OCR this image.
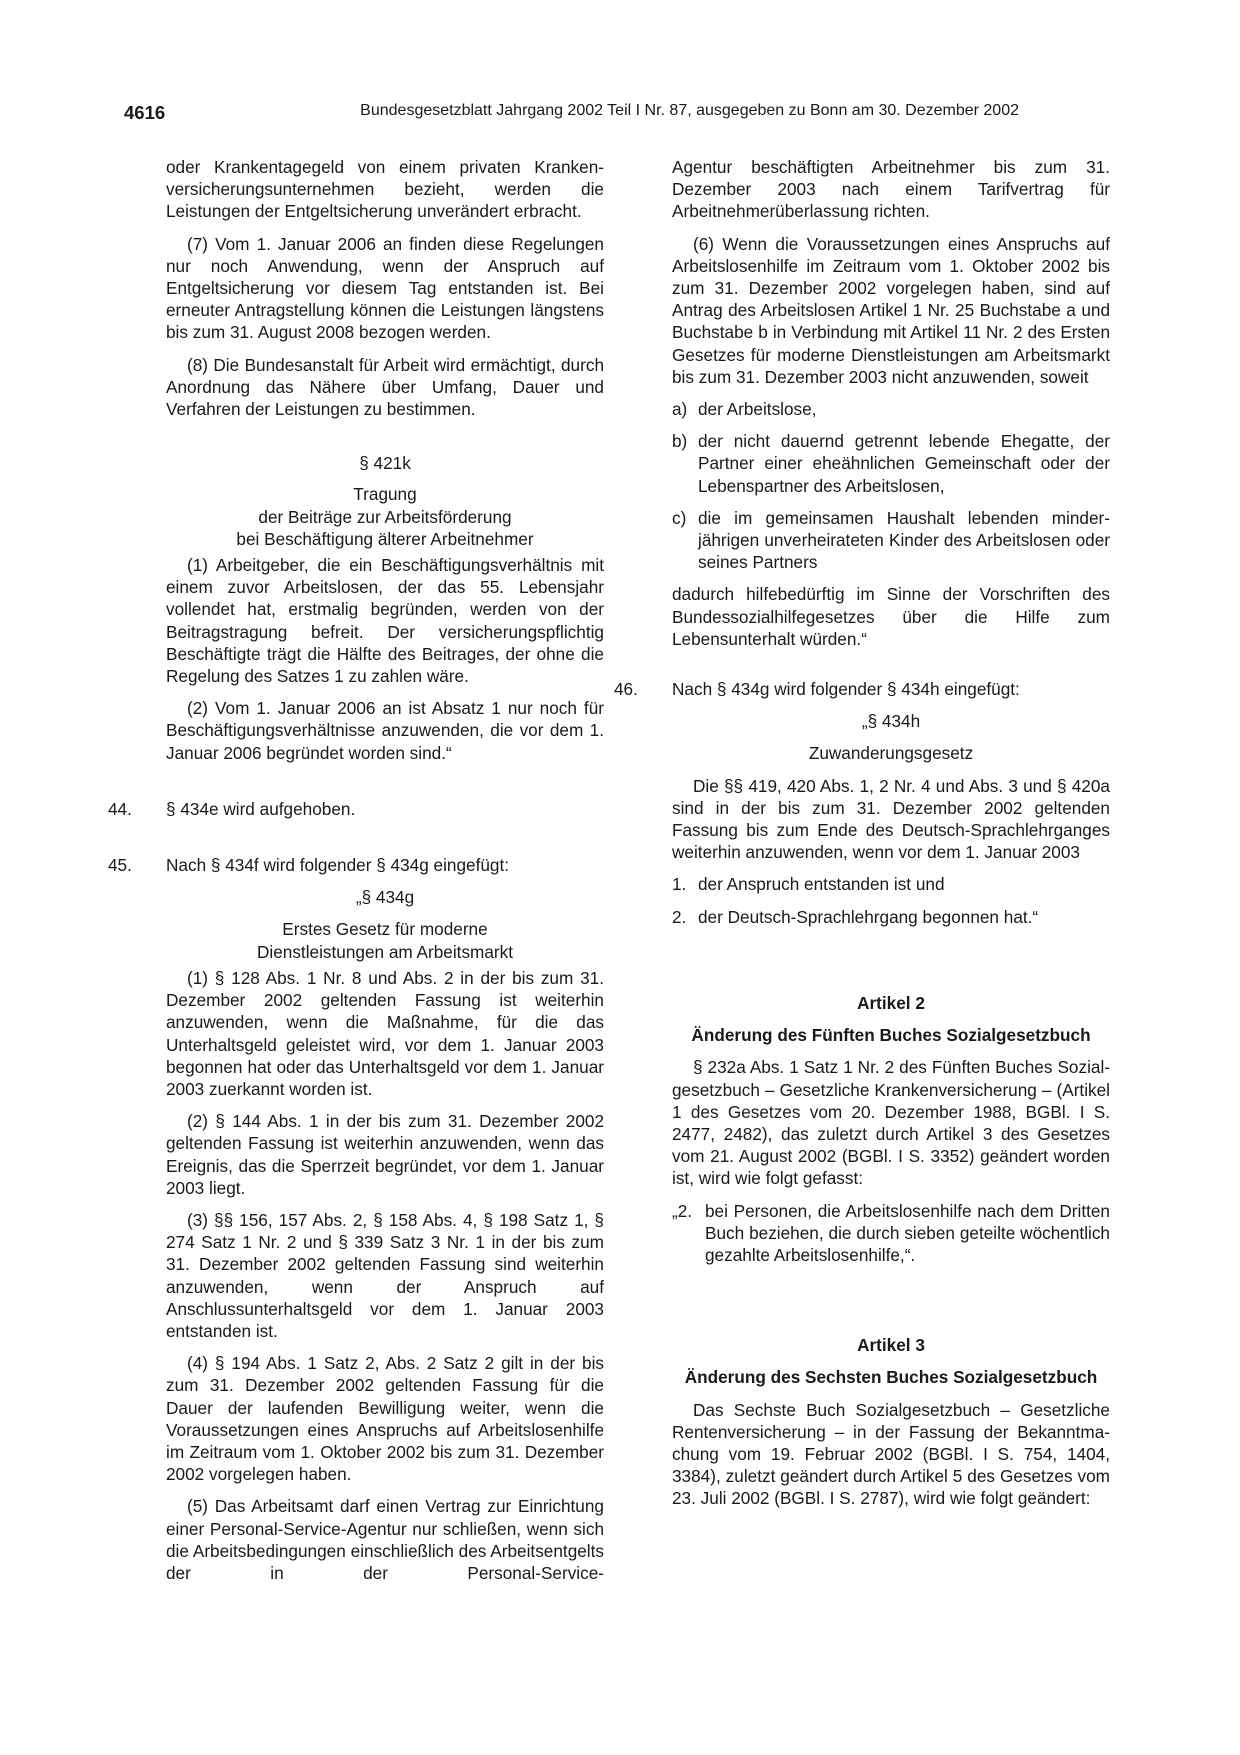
4616	Bundesgesetzblatt Jahrgang 2002 Teil I Nr. 87, ausgegeben zu Bonn am 30. Dezember 2002

oder Krankentagegeld von einem privaten Krankenversicherungsunternehmen bezieht, werden die Leistungen der Entgeltsicherung unverändert erbracht.

(7) Vom 1. Januar 2006 an finden diese Regelungen nur noch Anwendung, wenn der Anspruch auf Entgeltsicherung vor diesem Tag entstanden ist. Bei erneuter Antragstellung können die Leistungen längstens bis zum 31. August 2008 bezogen werden.

(8) Die Bundesanstalt für Arbeit wird ermächtigt, durch Anordnung das Nähere über Umfang, Dauer und Verfahren der Leistungen zu bestimmen.

§ 421k

Tragung

der Beiträge zur Arbeitsförderung

bei Beschäftigung älterer Arbeitnehmer

(1) Arbeitgeber, die ein Beschäftigungsverhältnis mit einem zuvor Arbeitslosen, der das 55. Lebensjahr vollendet hat, erstmalig begründen, werden von der Beitragstragung befreit. Der versicherungspflichtig Beschäftigte trägt die Hälfte des Beitrages, der ohne die Regelung des Satzes 1 zu zahlen wäre.

(2) Vom 1. Januar 2006 an ist Absatz 1 nur noch für Beschäftigungsverhältnisse anzuwenden, die vor dem 1. Januar 2006 begründet worden sind.“

44. § 434e wird aufgehoben.
45. Nach § 434f wird folgender § 434g eingefügt:

„§ 434g

Erstes Gesetz für moderne

Dienstleistungen am Arbeitsmarkt

(1) § 128 Abs. 1 Nr. 8 und Abs. 2 in der bis zum 31. Dezember 2002 geltenden Fassung ist weiterhin anzuwenden, wenn die Maßnahme, für die das Unterhaltsgeld geleistet wird, vor dem 1. Januar 2003 begonnen hat oder das Unterhaltsgeld vor dem 1. Januar 2003 zuerkannt worden ist.

(2) § 144 Abs. 1 in der bis zum 31. Dezember 2002 geltenden Fassung ist weiterhin anzuwenden, wenn das Ereignis, das die Sperrzeit begründet, vor dem 1. Januar 2003 liegt.

(3) §§ 156, 157 Abs. 2, § 158 Abs. 4, § 198 Satz 1, § 274 Satz 1 Nr. 2 und § 339 Satz 3 Nr. 1 in der bis zum 31. Dezember 2002 geltenden Fassung sind weiterhin anzuwenden, wenn der Anspruch auf Anschlussunterhaltsgeld vor dem 1. Januar 2003 entstanden ist.

(4) § 194 Abs. 1 Satz 2, Abs. 2 Satz 2 gilt in der bis zum 31. Dezember 2002 geltenden Fassung für die Dauer der laufenden Bewilligung weiter, wenn die Voraussetzungen eines Anspruchs auf Arbeitslosenhilfe im Zeitraum vom 1. Oktober 2002 bis zum 31. Dezember 2002 vorgelegen haben.

(5) Das Arbeitsamt darf einen Vertrag zur Einrichtung einer Personal-Service-Agentur nur schließen, wenn sich die Arbeitsbedingungen einschließlich des Arbeitsentgelts der in der Personal-Service-

Agentur beschäftigten Arbeitnehmer bis zum 31. Dezember 2003 nach einem Tarifvertrag für Arbeitnehmerüberlassung richten.

(6) Wenn die Voraussetzungen eines Anspruchs auf Arbeitslosenhilfe im Zeitraum vom 1. Oktober 2002 bis zum 31. Dezember 2002 vorgelegen haben, sind auf Antrag des Arbeitslosen Artikel 1 Nr. 25 Buchstabe a und Buchstabe b in Verbindung mit Artikel 11 Nr. 2 des Ersten Gesetzes für moderne Dienstleistungen am Arbeitsmarkt bis zum 31. Dezember 2003 nicht anzuwenden, soweit

a) der Arbeitslose,

b) der nicht dauernd getrennt lebende Ehegatte, der Partner einer eheähnlichen Gemeinschaft oder der Lebenspartner des Arbeitslosen,

c) die im gemeinsamen Haushalt lebenden minderjährigen unverheirateten Kinder des Arbeitslosen oder seines Partners

dadurch hilfebedürftig im Sinne der Vorschriften des Bundessozialhilfegesetzes über die Hilfe zum Lebensunterhalt würden.“

46. Nach § 434g wird folgender § 434h eingefügt:

„§ 434h

Zuwanderungsgesetz

Die §§ 419, 420 Abs. 1, 2 Nr. 4 und Abs. 3 und § 420a sind in der bis zum 31. Dezember 2002 geltenden Fassung bis zum Ende des Deutsch-Sprachlehrganges weiterhin anzuwenden, wenn vor dem 1. Januar 2003

1. der Anspruch entstanden ist und

2. der Deutsch-Sprachlehrgang begonnen hat.“

Artikel 2

Änderung des Fünften Buches Sozialgesetzbuch

§ 232a Abs. 1 Satz 1 Nr. 2 des Fünften Buches Sozialgesetzbuch – Gesetzliche Krankenversicherung – (Artikel 1 des Gesetzes vom 20. Dezember 1988, BGBl. I S. 2477, 2482), das zuletzt durch Artikel 3 des Gesetzes vom 21. August 2002 (BGBl. I S. 3352) geändert worden ist, wird wie folgt gefasst:

„2. bei Personen, die Arbeitslosenhilfe nach dem Dritten Buch beziehen, die durch sieben geteilte wöchentlich gezahlte Arbeitslosenhilfe,“.

Artikel 3

Änderung des Sechsten Buches Sozialgesetzbuch

Das Sechste Buch Sozialgesetzbuch – Gesetzliche Rentenversicherung – in der Fassung der Bekanntmachung vom 19. Februar 2002 (BGBl. I S. 754, 1404, 3384), zuletzt geändert durch Artikel 5 des Gesetzes vom 23. Juli 2002 (BGBl. I S. 2787), wird wie folgt geändert:
